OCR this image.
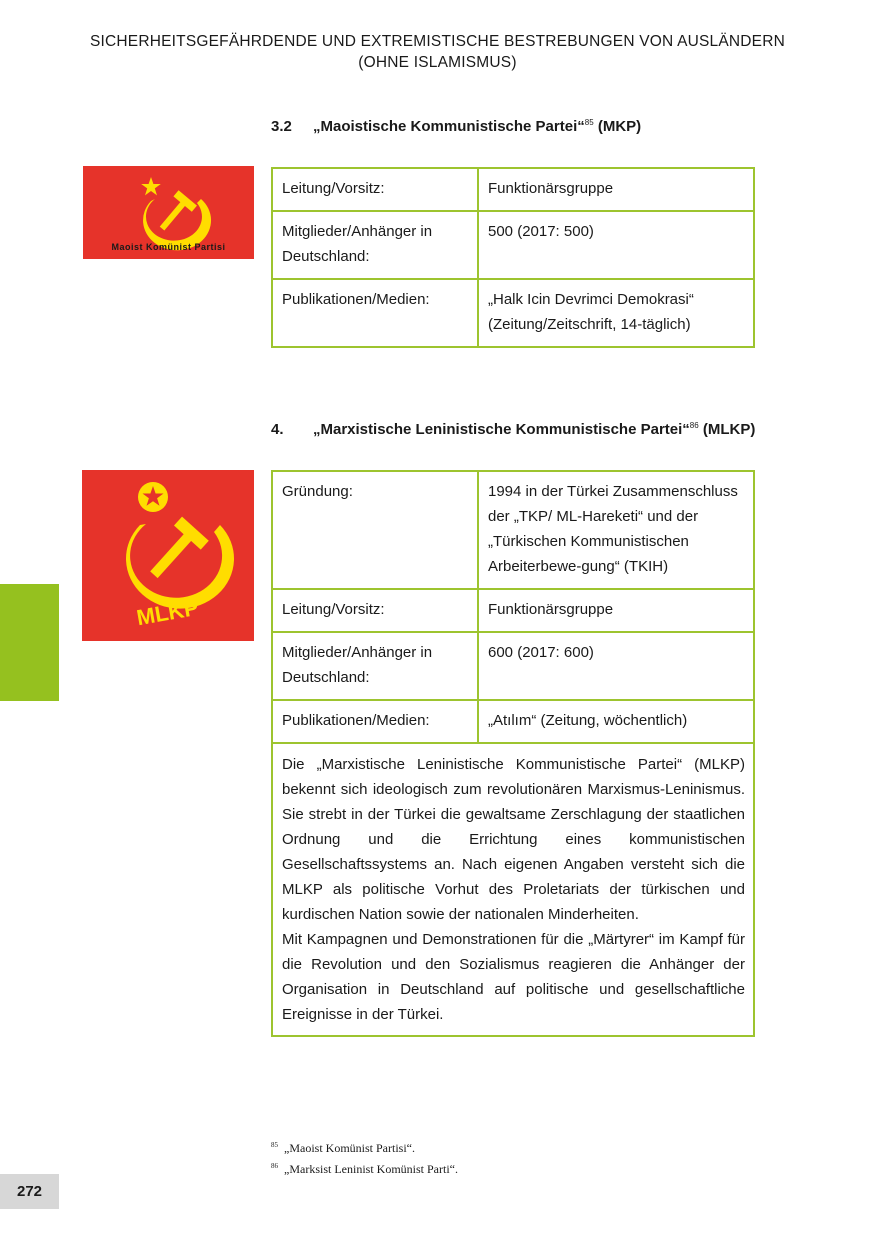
SICHERHEITSGEFÄHRDENDE UND EXTREMISTISCHE BESTREBUNGEN VON AUSLÄNDERN
(OHNE ISLAMISMUS)
3.2 „Maoistische Kommunistische Partei“$^{85}$ (MKP)
Maoist Komünist Partisi
Leitung/Vorsitz:	Funktionärsgruppe
Mitglieder/Anhänger in Deutschland:	500 (2017: 500)
Publikationen/Medien:	„Halk Icin Devrimci Demokrasi“ (Zeitung/Zeitschrift, 14-täglich)
4. „Marxistische Leninistische Kommunistische Partei“$^{86}$ (MLKP)
MLKP
Gründung:	1994 in der Türkei Zusammenschluss der „TKP/ ML-Hareketi“ und der „Türkischen Kommunistischen Arbeiterbewe-gung“ (TKIH)
Leitung/Vorsitz:	Funktionärsgruppe
Mitglieder/Anhänger in Deutschland:	600 (2017: 600)
Publikationen/Medien:	„Atılım“ (Zeitung, wöchentlich)

Die „Marxistische Leninistische Kommunistische Partei“ (MLKP) bekennt sich ideologisch zum revolutionären Marxismus-Leninismus. Sie strebt in der Türkei die gewaltsame Zerschlagung der staatlichen Ordnung und die Errichtung eines kommunistischen Gesellschaftssystems an. Nach eigenen Angaben versteht sich die MLKP als politische Vorhut des Proletariats der türkischen und kurdischen Nation sowie der nationalen Minderheiten.

Mit Kampagnen und Demonstrationen für die „Märtyrer“ im Kampf für die Revolution und den Sozialismus reagieren die Anhänger der Organisation in Deutschland auf politische und gesellschaftliche Ereignisse in der Türkei.	

$^{85}$ „Maoist Komünist Partisi“.
$^{86}$ „Marksist Leninist Komünist Parti“.
272
